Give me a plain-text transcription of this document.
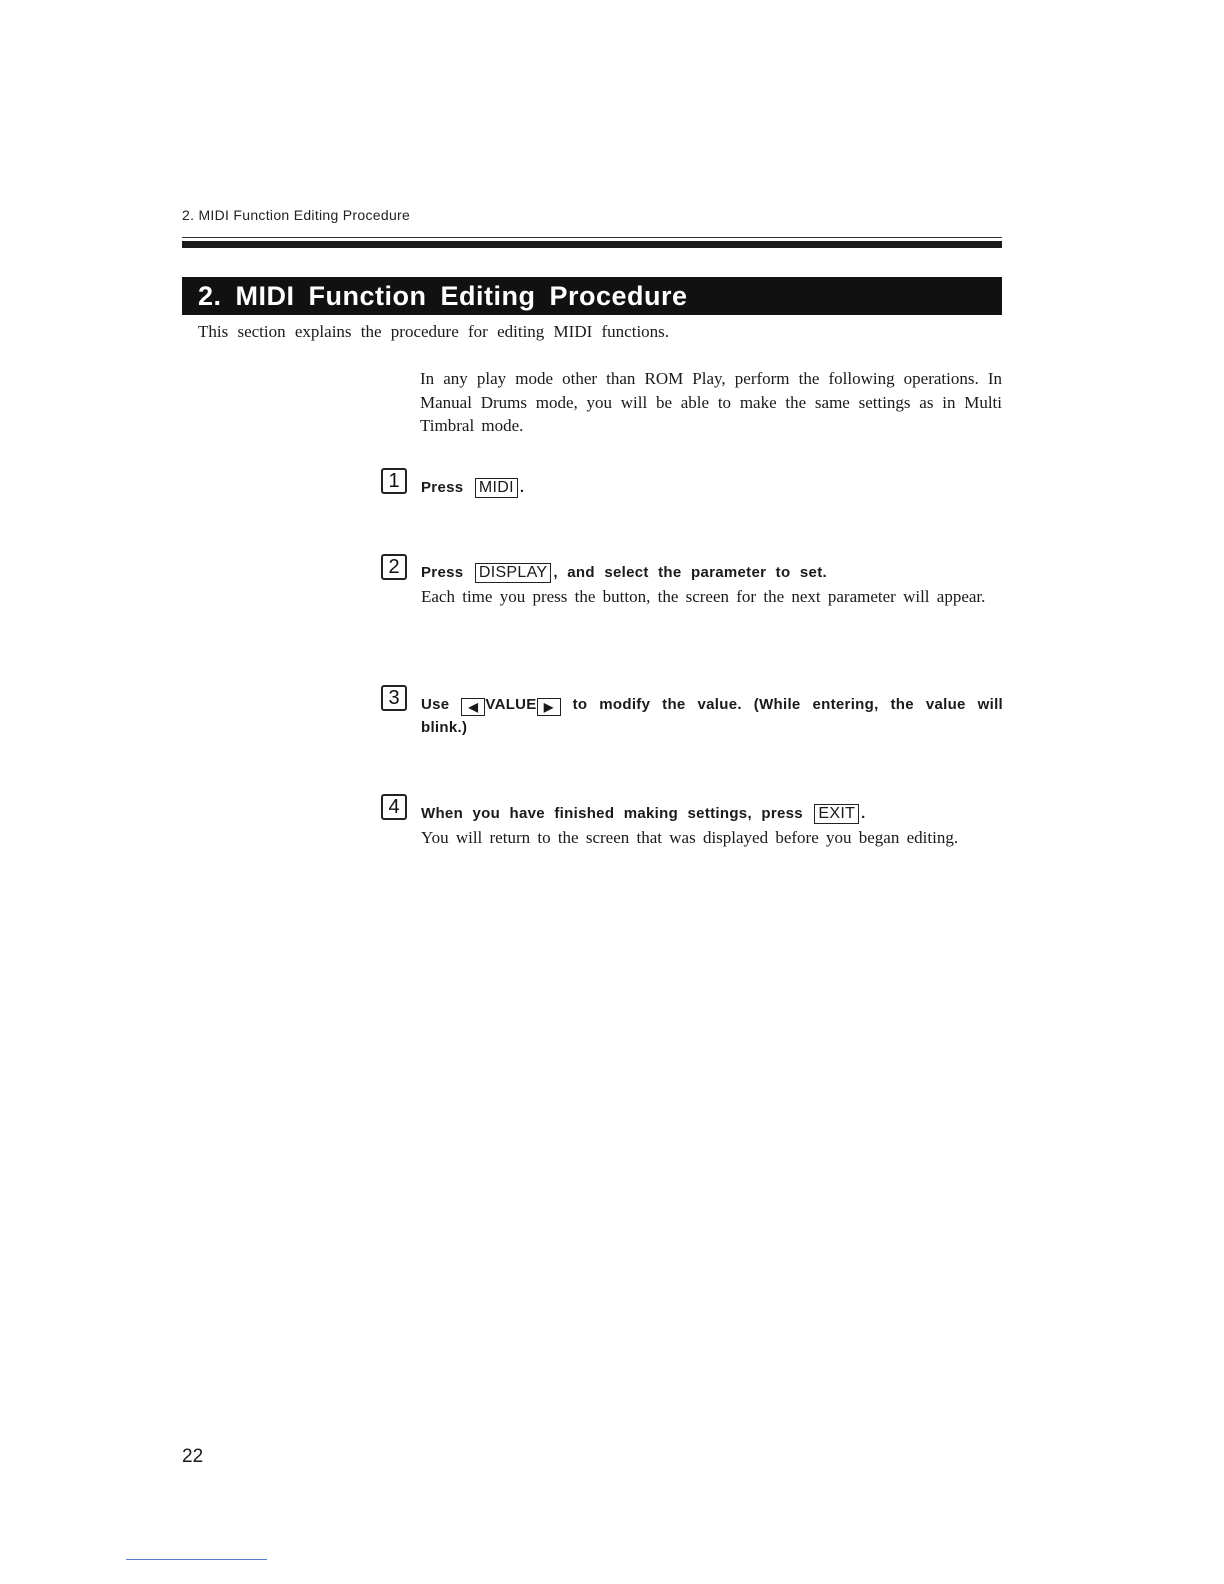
2. MIDI Function Editing Procedure
2. MIDI Function Editing Procedure
This section explains the procedure for editing MIDI functions.
In any play mode other than ROM Play, perform the following operations. In Manual Drums mode, you will be able to make the same settings as in Multi Timbral mode.
1	Press MIDI .
2	Press DISPLAY , and select the parameter to set.
Each time you press the button, the screen for the next parameter will appear.
3	Use ◀ VALUE ▶ to modify the value. (While entering, the value will blink.)
4	When you have finished making settings, press EXIT .
You will return to the screen that was displayed before you began editing.
22
